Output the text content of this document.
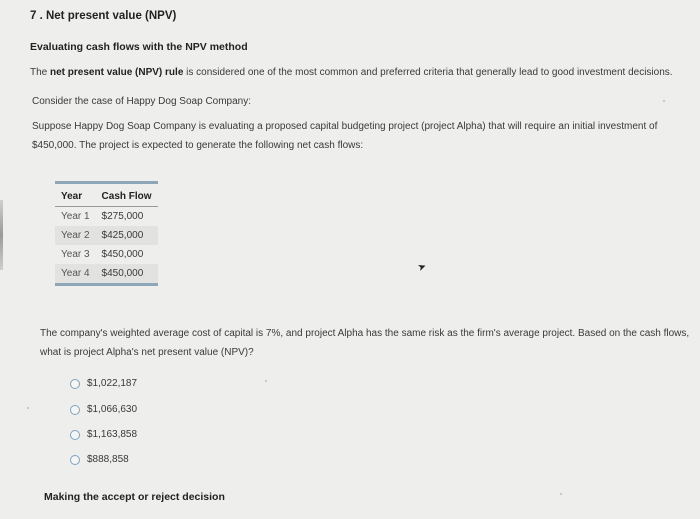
7 . Net present value (NPV)
Evaluating cash flows with the NPV method
The net present value (NPV) rule is considered one of the most common and preferred criteria that generally lead to good investment decisions.
Consider the case of Happy Dog Soap Company:
Suppose Happy Dog Soap Company is evaluating a proposed capital budgeting project (project Alpha) that will require an initial investment of
$450,000. The project is expected to generate the following net cash flows:
Year	Cash Flow
Year 1	$275,000
Year 2	$425,000
Year 3	$450,000
Year 4	$450,000	➤
The company's weighted average cost of capital is 7%, and project Alpha has the same risk as the firm's average project. Based on the cash flows,
what is project Alpha's net present value (NPV)?
$1,022,187
$1,066,630
$1,163,858
$888,858
Making the accept or reject decision
